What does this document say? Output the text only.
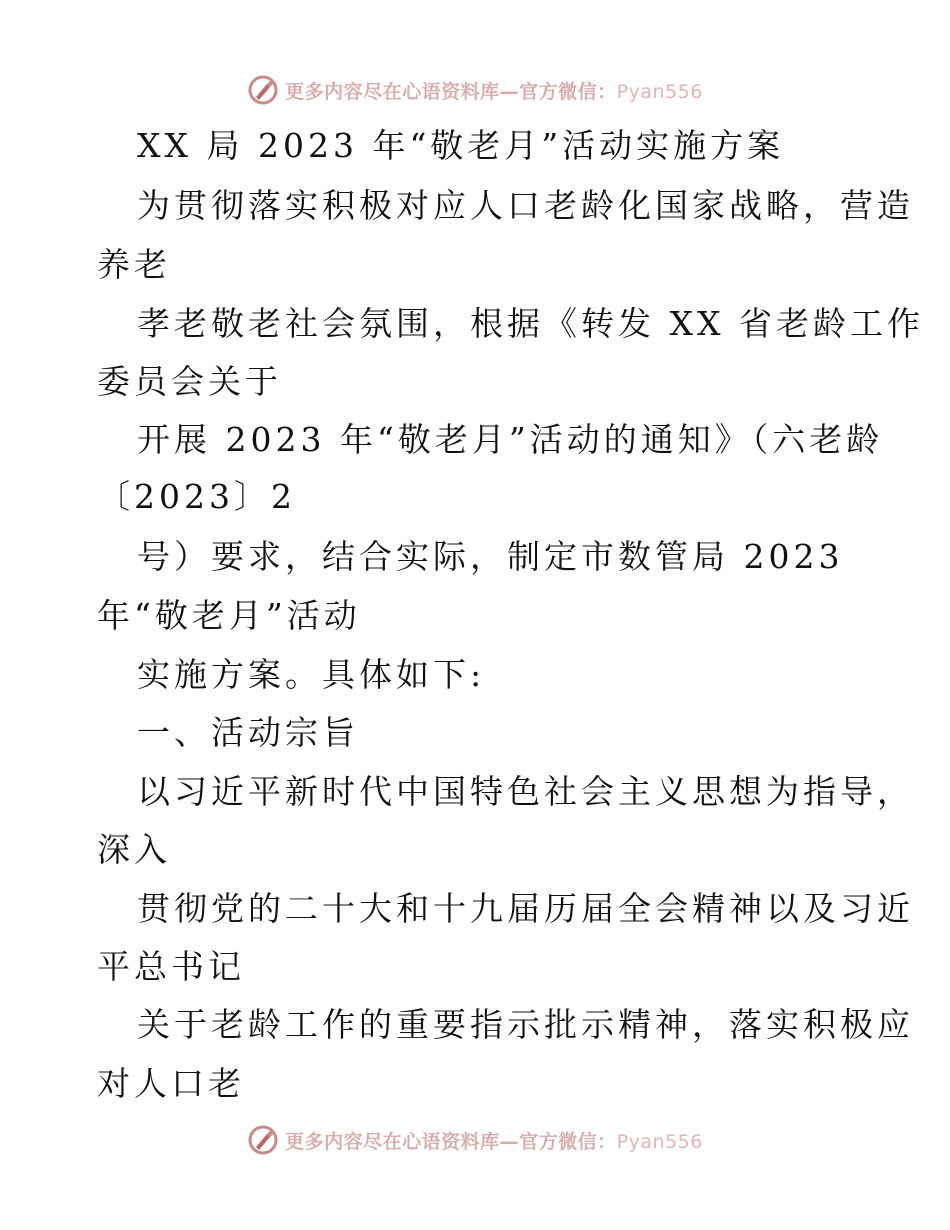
更多内容尽在心语资料库—官方微信：Pyan556
XX 局 2023 年“敬老月”活动实施方案
为贯彻落实积极对应人口老龄化国家战略，营造
养老
孝老敬老社会氛围，根据《转发 XX 省老龄工作
委员会关于
开展 2023 年“敬老月”活动的通知》（六老龄
〔2023〕2
号）要求，结合实际，制定市数管局 2023
年“敬老月”活动
实施方案。具体如下:
一、活动宗旨
以习近平新时代中国特色社会主义思想为指导，
深入
贯彻党的二十大和十九届历届全会精神以及习近
平总书记
关于老龄工作的重要指示批示精神，落实积极应
对人口老
更多内容尽在心语资料库—官方微信：Pyan556
